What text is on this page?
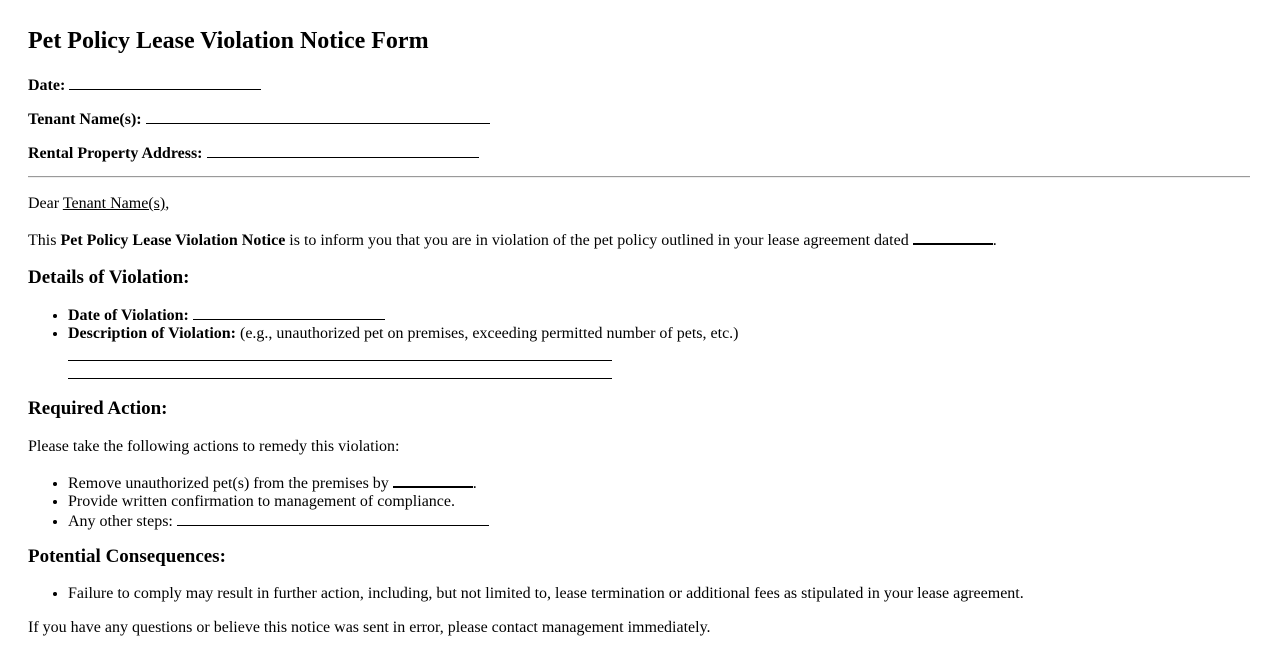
Pet Policy Lease Violation Notice Form
Date:
Tenant Name(s):
Rental Property Address:
Dear Tenant Name(s),
This Pet Policy Lease Violation Notice is to inform you that you are in violation of the pet policy outlined in your lease agreement dated	.
Details of Violation:
• Date of Violation:
• Description of Violation: (e.g., unauthorized pet on premises, exceeding permitted number of pets, etc.)
Required Action:
Please take the following actions to remedy this violation:
• Remove unauthorized pet(s) from the premises by	.
• Provide written confirmation to management of compliance.
• Any other steps:
Potential Consequences:
• Failure to comply may result in further action, including, but not limited to, lease termination or additional fees as stipulated in your lease agreement.
If you have any questions or believe this notice was sent in error, please contact management immediately.
